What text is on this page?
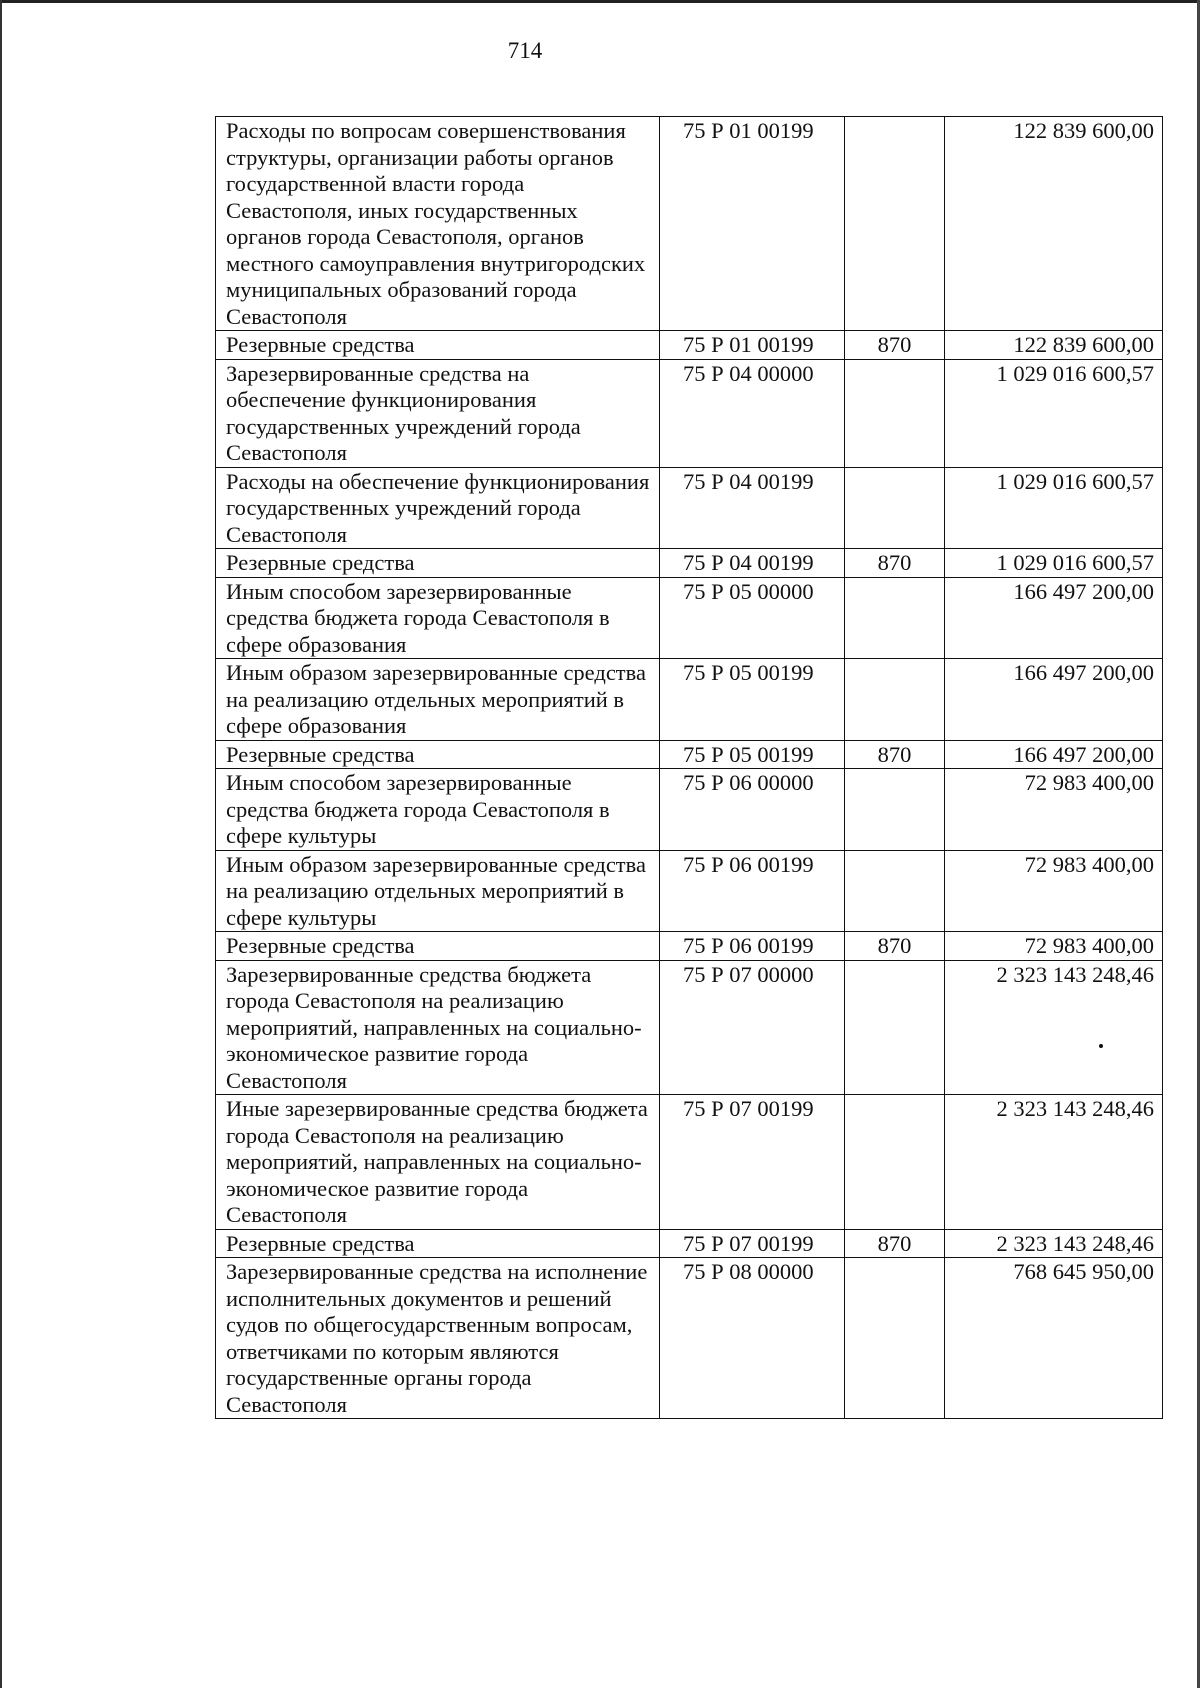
714
Расходы по вопросам совершенствования структуры, организации работы органов государственной власти города Севастополя, иных государственных органов города Севастополя, органов местного самоуправления внутригородских муниципальных образований города Севастополя	75 Р 01 00199		122 839 600,00
Резервные средства	75 Р 01 00199	870	122 839 600,00
Зарезервированные средства на обеспечение функционирования государственных учреждений города Севастополя	75 Р 04 00000		1 029 016 600,57
Расходы на обеспечение функционирования государственных учреждений города Севастополя	75 Р 04 00199		1 029 016 600,57
Резервные средства	75 Р 04 00199	870	1 029 016 600,57
Иным способом зарезервированные средства бюджета города Севастополя в сфере образования	75 Р 05 00000		166 497 200,00
Иным образом зарезервированные средства на реализацию отдельных мероприятий в сфере образования	75 Р 05 00199		166 497 200,00
Резервные средства	75 Р 05 00199	870	166 497 200,00
Иным способом зарезервированные средства бюджета города Севастополя в сфере культуры	75 Р 06 00000		72 983 400,00
Иным образом зарезервированные средства на реализацию отдельных мероприятий в сфере культуры	75 Р 06 00199		72 983 400,00
Резервные средства	75 Р 06 00199	870	72 983 400,00
Зарезервированные средства бюджета города Севастополя на реализацию мероприятий, направленных на социально-экономическое развитие города Севастополя	75 Р 07 00000		2 323 143 248,46
Иные зарезервированные средства бюджета города Севастополя на реализацию мероприятий, направленных на социально-экономическое развитие города Севастополя	75 Р 07 00199		2 323 143 248,46
Резервные средства	75 Р 07 00199	870	2 323 143 248,46
Зарезервированные средства на исполнение исполнительных документов и решений судов по общегосударственным вопросам, ответчиками по которым являются государственные органы города Севастополя	75 Р 08 00000		768 645 950,00
